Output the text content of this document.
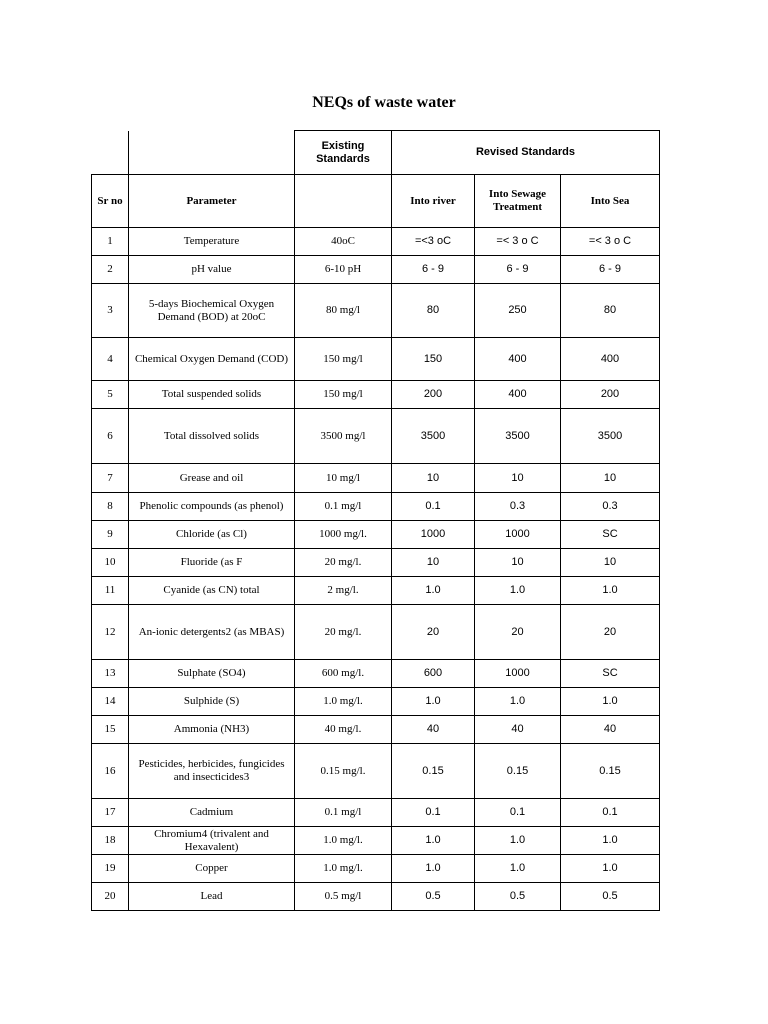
NEQs of waste water
		Existing Standards	Revised Standards		
Sr no	Parameter		Into river	Into Sewage Treatment	Into Sea
1	Temperature	40oC	=<3 oC	=< 3 o C	=< 3 o C
2	pH value	6-10 pH	6 - 9	6 - 9	6 - 9
3	5-days Biochemical Oxygen Demand (BOD) at 20oC	80 mg/l	80	250	80
4	Chemical Oxygen Demand (COD)	150 mg/l	150	400	400
5	Total suspended solids	150 mg/l	200	400	200
6	Total dissolved solids	3500 mg/l	3500	3500	3500
7	Grease and oil	10 mg/l	10	10	10
8	Phenolic compounds (as phenol)	0.1 mg/l	0.1	0.3	0.3
9	Chloride (as Cl)	1000 mg/l.	1000	1000	SC
10	Fluoride (as F	20 mg/l.	10	10	10
11	Cyanide (as CN) total	2 mg/l.	1.0	1.0	1.0
12	An-ionic detergents2 (as MBAS)	20 mg/l.	20	20	20
13	Sulphate (SO4)	600 mg/l.	600	1000	SC
14	Sulphide (S)	1.0 mg/l.	1.0	1.0	1.0
15	Ammonia (NH3)	40 mg/l.	40	40	40
16	Pesticides, herbicides, fungicides and insecticides3	0.15 mg/l.	0.15	0.15	0.15
17	Cadmium	0.1 mg/l	0.1	0.1	0.1
18	Chromium4 (trivalent and Hexavalent)	1.0 mg/l.	1.0	1.0	1.0
19	Copper	1.0 mg/l.	1.0	1.0	1.0
20	Lead	0.5 mg/l	0.5	0.5	0.5
